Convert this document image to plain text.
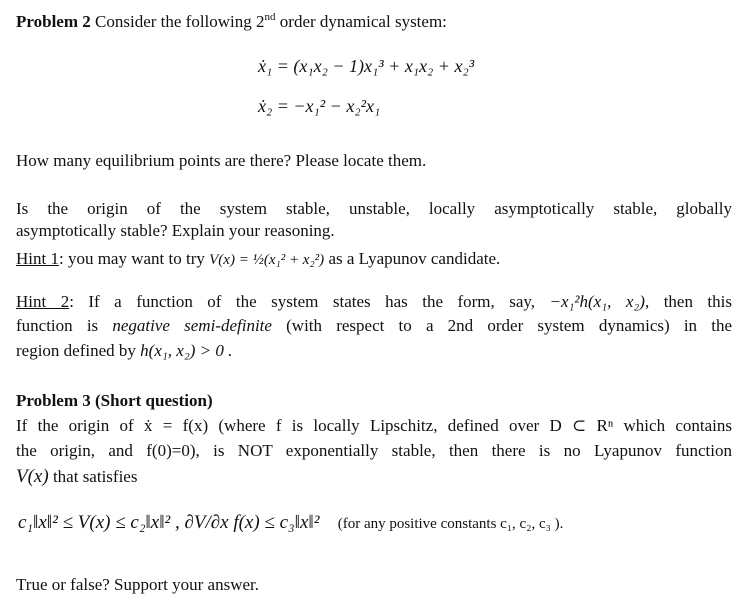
Problem 2 Consider the following 2nd order dynamical system:
ẋ₁ = (x₁x₂ − 1)x₁³ + x₁x₂ + x₂³
ẋ₂ = −x₁² − x₂²x₁
How many equilibrium points are there? Please locate them.
Is the origin of the system stable, unstable, locally asymptotically stable, globally
asymptotically stable? Explain your reasoning.
Hint 1: you may want to try V(x) = ½(x₁² + x₂²) as a Lyapunov candidate.
Hint 2: If a function of the system states has the form, say, −x₁²h(x₁, x₂), then this
function is negative semi-definite (with respect to a 2nd order system dynamics) in the
region defined by h(x₁, x₂) > 0 .
Problem 3 (Short question)
If the origin of ẋ = f(x) (where f is locally Lipschitz, defined over D ⊂ Rⁿ which contains
the origin, and f(0)=0), is NOT exponentially stable, then there is no Lyapunov function
V(x) that satisfies
c₁‖x‖² ≤ V(x) ≤ c₂‖x‖² , ∂V/∂x f(x) ≤ c₃‖x‖² (for any positive constants c₁, c₂, c₃ ).
True or false? Support your answer.
